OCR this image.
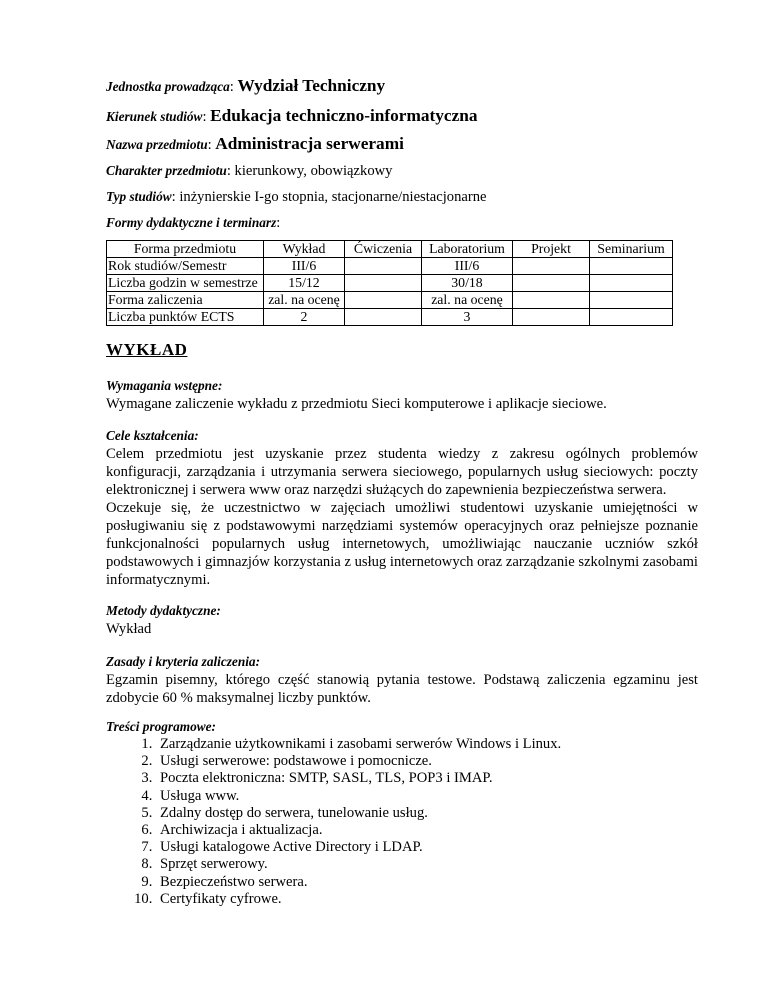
Jednostka prowadząca: Wydział Techniczny
Kierunek studiów: Edukacja techniczno-informatyczna
Nazwa przedmiotu: Administracja serwerami
Charakter przedmiotu: kierunkowy, obowiązkowy
Typ studiów: inżynierskie I-go stopnia, stacjonarne/niestacjonarne
Formy dydaktyczne i terminarz:
Forma przedmiotu	Wykład	Ćwiczenia	Laboratorium	Projekt	Seminarium
Rok studiów/Semestr	III/6		III/6		
Liczba godzin w semestrze	15/12		30/18		
Forma zaliczenia	zal. na ocenę		zal. na ocenę		
Liczba punktów ECTS	2		3		
WYKŁAD
Wymagania wstępne:

Wymagane zaliczenie wykładu z przedmiotu Sieci komputerowe i aplikacje sieciowe.

Cele kształcenia:

Celem przedmiotu jest uzyskanie przez studenta wiedzy z zakresu ogólnych problemów konfiguracji, zarządzania i utrzymania serwera sieciowego, popularnych usług sieciowych: poczty elektronicznej i serwera www oraz narzędzi służących do zapewnienia bezpieczeństwa serwera.

Oczekuje się, że uczestnictwo w zajęciach umożliwi studentowi uzyskanie umiejętności w posługiwaniu się z podstawowymi narzędziami systemów operacyjnych oraz pełniejsze poznanie funkcjonalności popularnych usług internetowych, umożliwiając nauczanie uczniów szkół podstawowych i gimnazjów korzystania z usług internetowych oraz zarządzanie szkolnymi zasobami informatycznymi.

Metody dydaktyczne:

Wykład

Zasady i kryteria zaliczenia:

Egzamin pisemny, którego część stanowią pytania testowe. Podstawą zaliczenia egzaminu jest zdobycie 60 % maksymalnej liczby punktów.

Treści programowe:
1. Zarządzanie użytkownikami i zasobami serwerów Windows i Linux.
2. Usługi serwerowe: podstawowe i pomocnicze.
3. Poczta elektroniczna: SMTP, SASL, TLS, POP3 i IMAP.
4. Usługa www.
5. Zdalny dostęp do serwera, tunelowanie usług.
6. Archiwizacja i aktualizacja.
7. Usługi katalogowe Active Directory i LDAP.
8. Sprzęt serwerowy.
9. Bezpieczeństwo serwera.
10. Certyfikaty cyfrowe.
